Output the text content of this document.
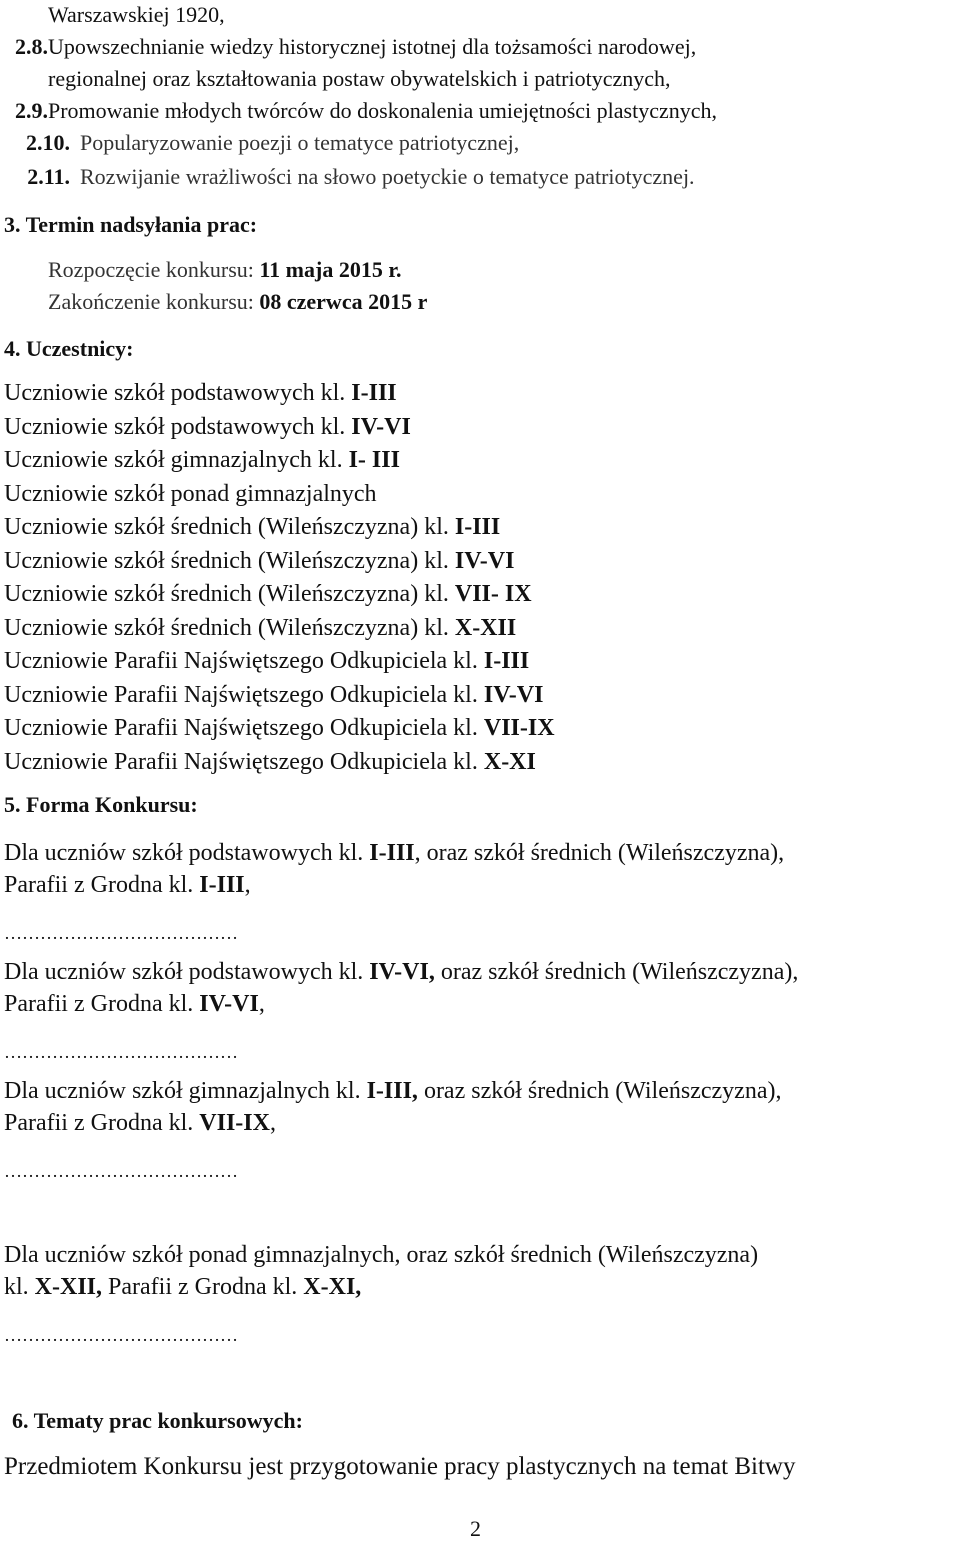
Warszawskiej 1920,
2.8.Upowszechnianie wiedzy historycznej istotnej dla tożsamości narodowej,
regionalnej oraz kształtowania postaw obywatelskich i patriotycznych,
2.9.Promowanie młodych twórców do doskonalenia umiejętności plastycznych,
2.10. Popularyzowanie poezji o tematyce patriotycznej,
2.11. Rozwijanie wrażliwości na słowo poetyckie o tematyce patriotycznej.
3. Termin nadsyłania prac:
Rozpoczęcie konkursu: 11 maja 2015 r.
Zakończenie konkursu: 08 czerwca 2015 r
4. Uczestnicy:
Uczniowie szkół podstawowych kl. I-III
Uczniowie szkół podstawowych kl. IV-VI
Uczniowie szkół gimnazjalnych kl. I- III
Uczniowie szkół ponad gimnazjalnych
Uczniowie szkół średnich (Wileńszczyzna) kl. I-III
Uczniowie szkół średnich (Wileńszczyzna) kl. IV-VI
Uczniowie szkół średnich (Wileńszczyzna) kl. VII- IX
Uczniowie szkół średnich (Wileńszczyzna) kl. X-XII
Uczniowie Parafii Najświętszego Odkupiciela kl. I-III
Uczniowie Parafii Najświętszego Odkupiciela kl. IV-VI
Uczniowie Parafii Najświętszego Odkupiciela kl. VII-IX
Uczniowie Parafii Najświętszego Odkupiciela kl. X-XI
5. Forma Konkursu:
Dla uczniów szkół podstawowych kl. I-III, oraz szkół średnich (Wileńszczyzna),
Parafii z Grodna kl. I-III,
…………………………………
Dla uczniów szkół podstawowych kl. IV-VI, oraz szkół średnich (Wileńszczyzna),
Parafii z Grodna kl. IV-VI,
…………………………………
Dla uczniów szkół gimnazjalnych kl. I-III, oraz szkół średnich (Wileńszczyzna),
Parafii z Grodna kl. VII-IX,
…………………………………
Dla uczniów szkół ponad gimnazjalnych, oraz szkół średnich (Wileńszczyzna)
kl. X-XII, Parafii z Grodna kl. X-XI,
…………………………………
6. Tematy prac konkursowych:
Przedmiotem Konkursu jest przygotowanie pracy plastycznych na temat Bitwy
2
